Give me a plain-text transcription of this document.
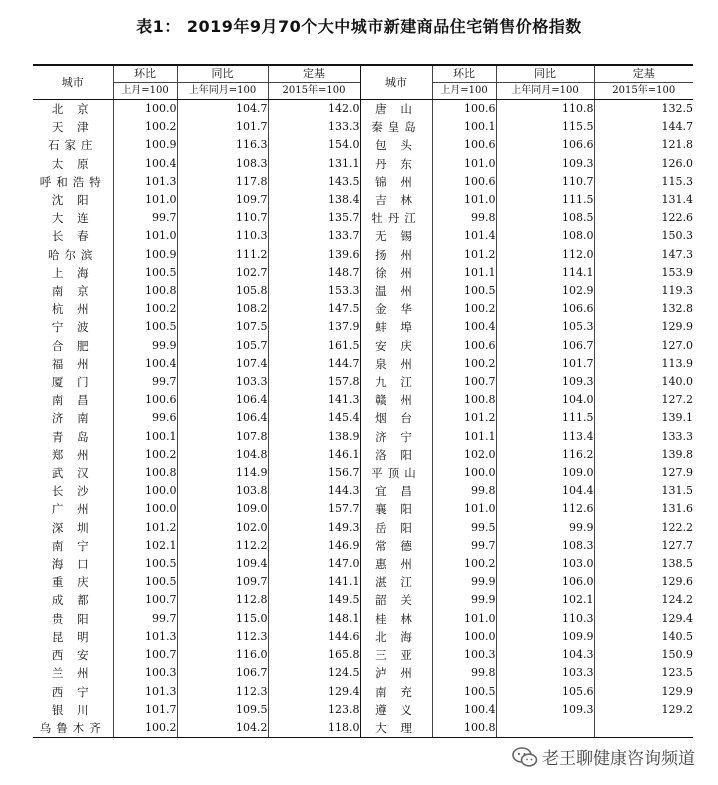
表1： 2019年9月70个大中城市新建商品住宅销售价格指数
城市	环比	同比	定基	城市	环比	同比	定基
	上月=100	上年同月=100	2015年=100		上月=100	上年同月=100	2015年=100
北 京	100.0	104.7	142.0	唐 山	100.6	110.8	132.5
天 津	100.2	101.7	133.3	秦皇岛	100.1	115.5	144.7
石家庄	100.9	116.3	154.0	包 头	100.6	106.6	121.8
太 原	100.4	108.3	131.1	丹 东	101.0	109.3	126.0
呼和浩特	101.3	117.8	143.5	锦 州	100.6	110.7	115.3
沈 阳	101.0	109.7	138.4	吉 林	101.0	111.5	131.4
大 连	99.7	110.7	135.7	牡丹江	99.8	108.5	122.6
长 春	101.0	110.3	133.7	无 锡	101.4	108.0	150.3
哈尔滨	100.9	111.2	139.6	扬 州	101.2	112.0	147.3
上 海	100.5	102.7	148.7	徐 州	101.1	114.1	153.9
南 京	100.8	105.8	153.3	温 州	100.5	102.9	119.3
杭 州	100.2	108.2	147.5	金 华	100.2	106.6	132.8
宁 波	100.5	107.5	137.9	蚌 埠	100.4	105.3	129.9
合 肥	99.9	105.7	161.5	安 庆	100.6	106.7	127.0
福 州	100.4	107.4	144.7	泉 州	100.2	101.7	113.9
厦 门	99.7	103.3	157.8	九 江	100.7	109.3	140.0
南 昌	100.6	106.4	141.3	赣 州	100.8	104.0	127.2
济 南	99.6	106.4	145.4	烟 台	101.2	111.5	139.1
青 岛	100.1	107.8	138.9	济 宁	101.1	113.4	133.3
郑 州	100.2	104.8	146.1	洛 阳	102.0	116.2	139.8
武 汉	100.8	114.9	156.7	平顶山	100.0	109.0	127.9
长 沙	100.0	103.8	144.3	宜 昌	99.8	104.4	131.5
广 州	100.0	109.0	157.7	襄 阳	101.0	112.6	131.6
深 圳	101.2	102.0	149.3	岳 阳	99.5	99.9	122.2
南 宁	102.1	112.2	146.9	常 德	99.7	108.3	127.7
海 口	100.5	109.4	147.0	惠 州	100.2	103.0	138.5
重 庆	100.5	109.7	141.1	湛 江	99.9	106.0	129.6
成 都	100.7	112.8	149.5	韶 关	99.9	102.1	124.2
贵 阳	99.7	115.0	148.1	桂 林	101.0	110.3	129.4
昆 明	101.3	112.3	144.6	北 海	100.0	109.9	140.5
西 安	100.7	116.0	165.8	三 亚	100.3	104.3	150.9
兰 州	100.3	106.7	124.5	泸 州	99.8	103.3	123.5
西 宁	101.3	112.3	129.4	南 充	100.5	105.6	129.9
银 川	101.7	109.5	123.8	遵 义	100.4	109.3	129.2
乌鲁木齐	100.2	104.2	118.0	大 理	100.8		
老王聊健康咨询频道
